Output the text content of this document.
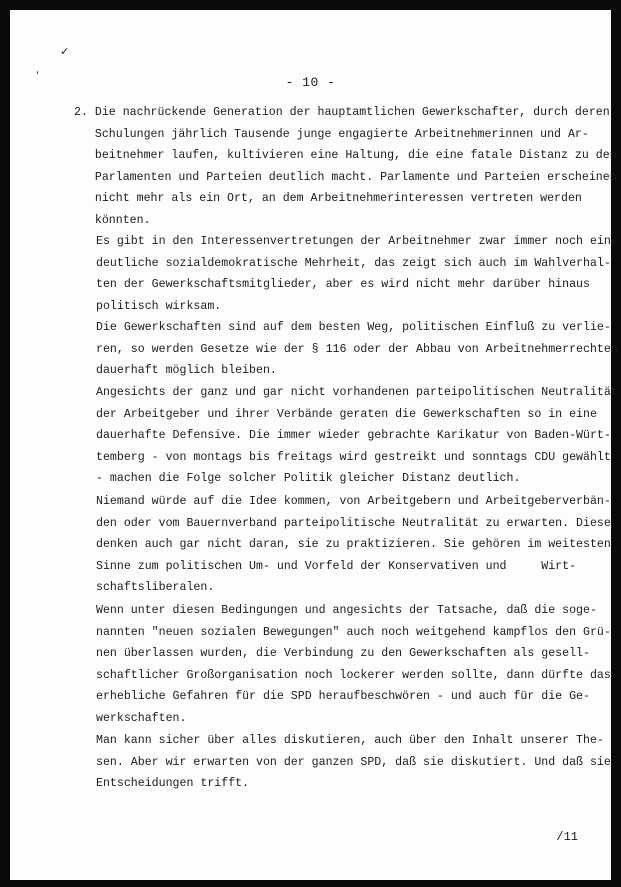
✓
ʹ	- 10 -
2. Die nachrückende Generation der hauptamtlichen Gewerkschafter, durch deren
Schulungen jährlich Tausende junge engagierte Arbeitnehmerinnen und Ar-
beitnehmer laufen, kultivieren eine Haltung, die eine fatale Distanz zu den
Parlamenten und Parteien deutlich macht. Parlamente und Parteien erscheinen
nicht mehr als ein Ort, an dem Arbeitnehmerinteressen vertreten werden
könnten.
Es gibt in den Interessenvertretungen der Arbeitnehmer zwar immer noch eine
deutliche sozialdemokratische Mehrheit, das zeigt sich auch im Wahlverhal-
ten der Gewerkschaftsmitglieder, aber es wird nicht mehr darüber hinaus
politisch wirksam.
Die Gewerkschaften sind auf dem besten Weg, politischen Einfluß zu verlie-
ren, so werden Gesetze wie der § 116 oder der Abbau von Arbeitnehmerrechten
dauerhaft möglich bleiben.
Angesichts der ganz und gar nicht vorhandenen parteipolitischen Neutralität
der Arbeitgeber und ihrer Verbände geraten die Gewerkschaften so in eine
dauerhafte Defensive. Die immer wieder gebrachte Karikatur von Baden-Würt-
temberg - von montags bis freitags wird gestreikt und sonntags CDU gewählt
- machen die Folge solcher Politik gleicher Distanz deutlich.
Niemand würde auf die Idee kommen, von Arbeitgebern und Arbeitgeberverbän-
den oder vom Bauernverband parteipolitische Neutralität zu erwarten. Diese
denken auch gar nicht daran, sie zu praktizieren. Sie gehören im weitesten
Sinne zum politischen Um- und Vorfeld der Konservativen und     Wirt-
schaftsliberalen.
Wenn unter diesen Bedingungen und angesichts der Tatsache, daß die soge-
nannten "neuen sozialen Bewegungen" auch noch weitgehend kampflos den Grü-
nen überlassen wurden, die Verbindung zu den Gewerkschaften als gesell-
schaftlicher Großorganisation noch lockerer werden sollte, dann dürfte das
erhebliche Gefahren für die SPD heraufbeschwören - und auch für die Ge-
werkschaften.
Man kann sicher über alles diskutieren, auch über den Inhalt unserer The-
sen. Aber wir erwarten von der ganzen SPD, daß sie diskutiert. Und daß sie
Entscheidungen trifft.
/11
